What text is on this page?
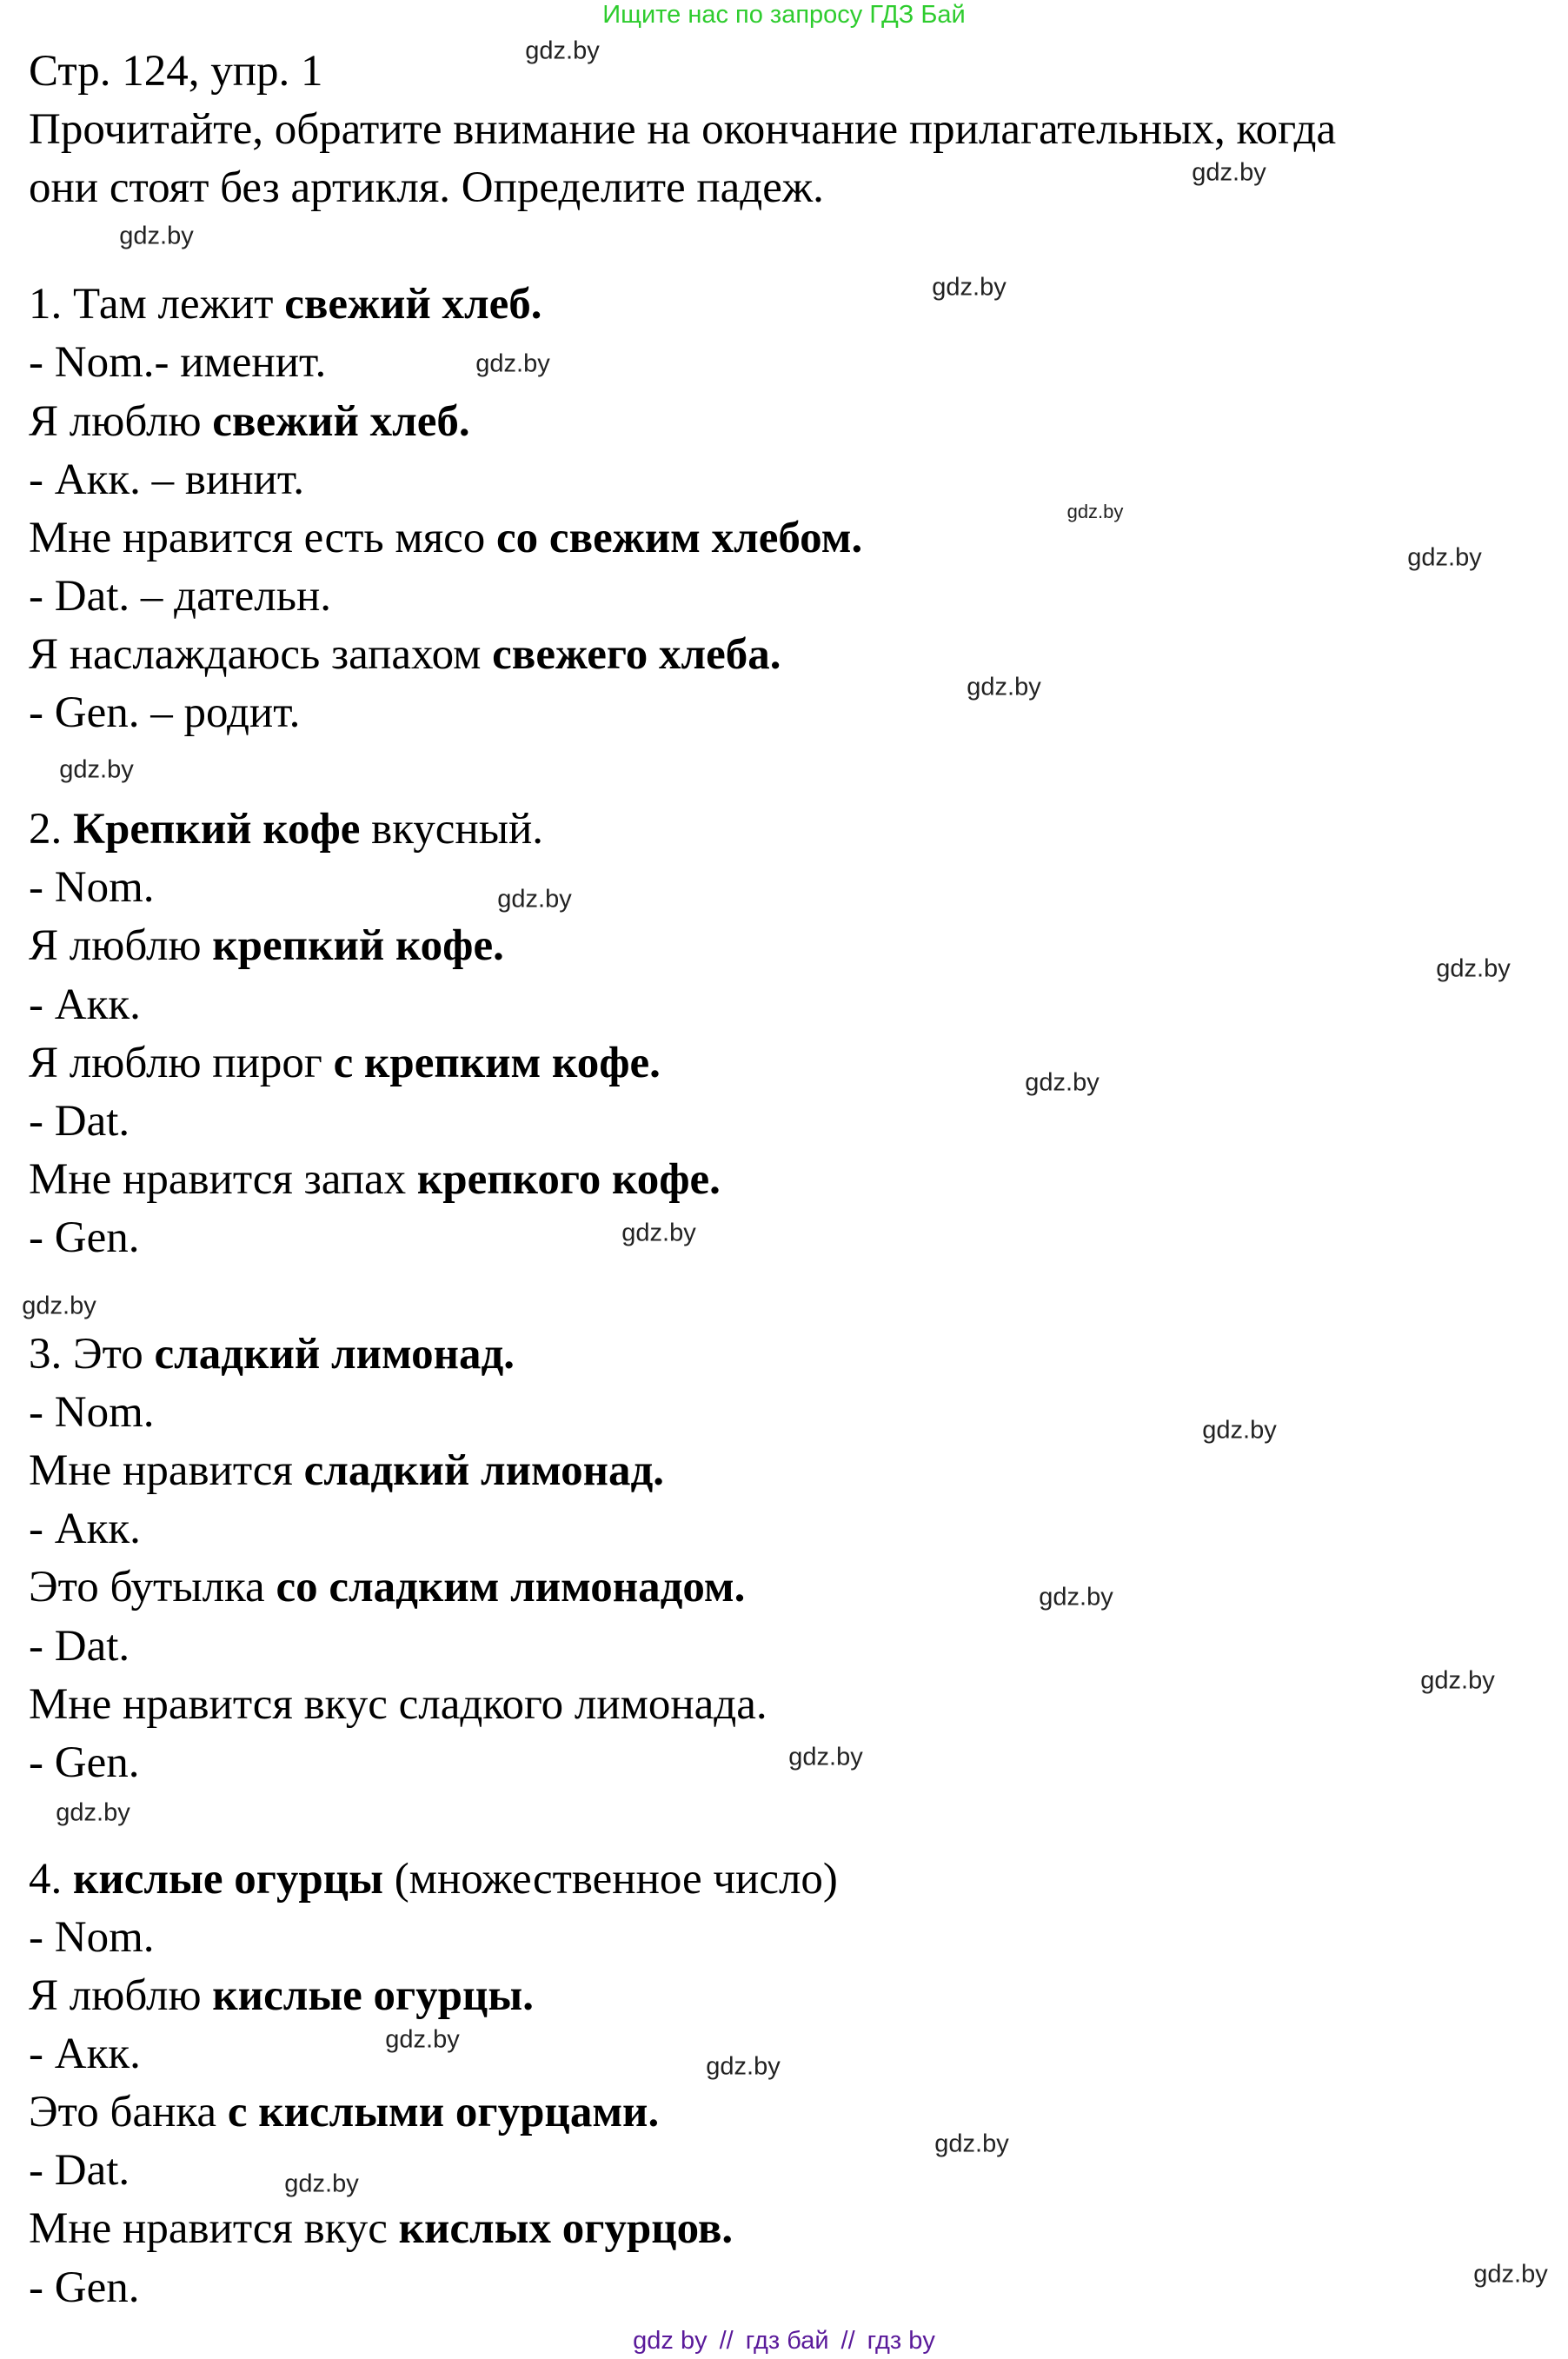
Ищите нас по запросу ГДЗ Бай
Стр. 124, упр. 1
Прочитайте, обратите внимание на окончание прилагательных, когда
они стоят без артикля. Определите падеж.
1. Там лежит свежий хлеб.
- Nom.- именит.
Я люблю свежий хлеб.
- Акк. – винит.
Мне нравится есть мясо со свежим хлебом.
- Dat. – дательн.
Я наслаждаюсь запахом свежего хлеба.
- Gen. – родит.
2. Крепкий кофе вкусный.
- Nom.
Я люблю крепкий кофе.
- Акк.
Я люблю пирог с крепким кофе.
- Dat.
Мне нравится запах крепкого кофе.
- Gen.
3. Это сладкий лимонад.
- Nom.
Мне нравится сладкий лимонад.
- Акк.
Это бутылка со сладким лимонадом.
- Dat.
Мне нравится вкус сладкого лимонада.
- Gen.
4. кислые огурцы (множественное число)
- Nom.
Я люблю кислые огурцы.
- Акк.
Это банка с кислыми огурцами.
- Dat.
Мне нравится вкус кислых огурцов.
- Gen.
gdz.by
gdz.by
gdz.by
gdz.by
gdz.by
gdz.by
gdz.by
gdz.by
gdz.by
gdz.by
gdz.by
gdz.by
gdz.by
gdz.by
gdz.by
gdz.by
gdz.by
gdz.by
gdz.by
gdz.by
gdz.by
gdz.by
gdz.by
gdz.by
gdz by // гдз бай // гдз by
